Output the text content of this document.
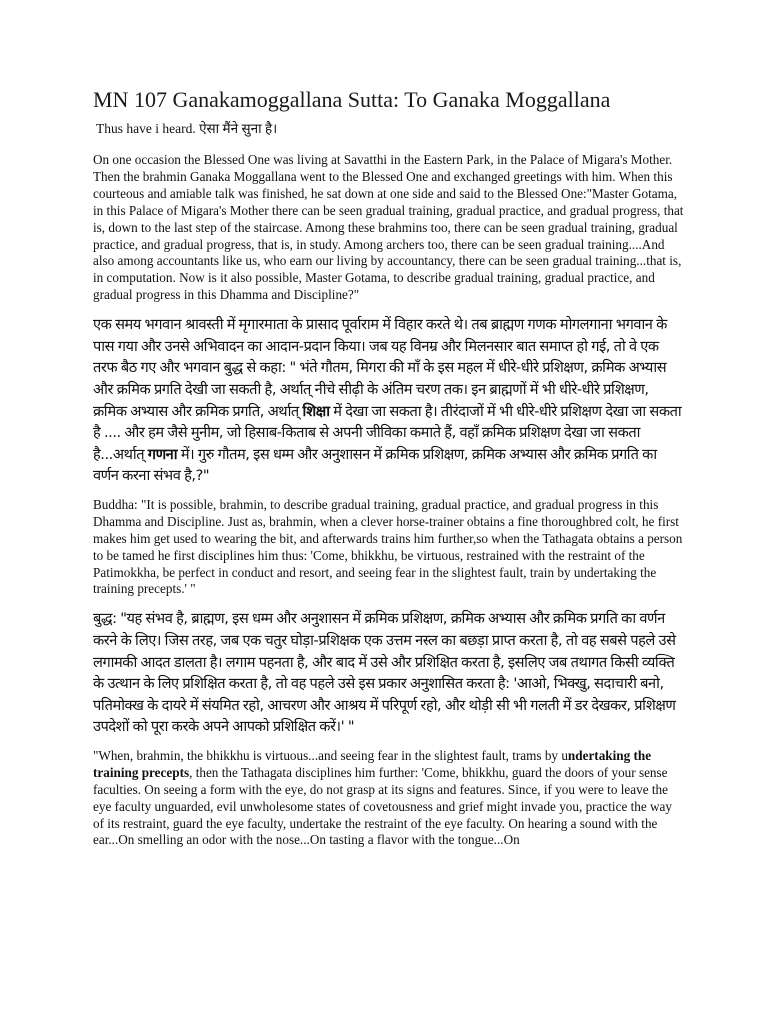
MN 107 Ganakamoggallana Sutta: To Ganaka Moggallana
Thus have i heard. ऐसा मैंने सुना है।

On one occasion the Blessed One was living at Savatthi in the Eastern Park, in the Palace of Migara's Mother. Then the brahmin Ganaka Moggallana went to the Blessed One and exchanged greetings with him. When this courteous and amiable talk was finished, he sat down at one side and said to the Blessed One:"Master Gotama, in this Palace of Migara's Mother there can be seen gradual training, gradual practice, and gradual progress, that is, down to the last step of the staircase. Among these brahmins too, there can be seen gradual training, gradual practice, and gradual progress, that is, in study. Among archers too, there can be seen gradual training....And also among accountants like us, who earn our living by accountancy, there can be seen gradual training...that is, in computation. Now is it also possible, Master Gotama, to describe gradual training, gradual practice, and gradual progress in this Dhamma and Discipline?"

एक समय भगवान श्रावस्ती में मृगारमाता के प्रासाद पूर्वाराम में विहार करते थे। तब ब्राह्मण गणक मोगलगाना भगवान के पास गया और उनसे अभिवादन का आदान-प्रदान किया। जब यह विनम्र और मिलनसार बात समाप्त हो गई, तो वे एक तरफ बैठ गए और भगवान बुद्ध से कहा: " भंते गौतम, मिगरा की माँ के इस महल में धीरे-धीरे प्रशिक्षण, क्रमिक अभ्यास और क्रमिक प्रगति देखी जा सकती है, अर्थात् नीचे सीढ़ी के अंतिम चरण तक। इन ब्राह्मणों में भी धीरे-धीरे प्रशिक्षण, क्रमिक अभ्यास और क्रमिक प्रगति, अर्थात् शिक्षा में देखा जा सकता है। तीरंदाजों में भी धीरे-धीरे प्रशिक्षण देखा जा सकता है .... और हम जैसे मुनीम, जो हिसाब-किताब से अपनी जीविका कमाते हैं, वहाँ क्रमिक प्रशिक्षण देखा जा सकता है...अर्थात् गणना में। गुरु गौतम, इस धम्म और अनुशासन में क्रमिक प्रशिक्षण, क्रमिक अभ्यास और क्रमिक प्रगति का वर्णन करना संभव है,?"

Buddha: "It is possible, brahmin, to describe gradual training, gradual practice, and gradual progress in this Dhamma and Discipline. Just as, brahmin, when a clever horse-trainer obtains a fine thoroughbred colt, he first makes him get used to wearing the bit, and afterwards trains him further,so when the Tathagata obtains a person to be tamed he first disciplines him thus: 'Come, bhikkhu, be virtuous, restrained with the restraint of the Patimokkha, be perfect in conduct and resort, and seeing fear in the slightest fault, train by undertaking the training precepts.' "

बुद्ध: "यह संभव है, ब्राह्मण, इस धम्म और अनुशासन में क्रमिक प्रशिक्षण, क्रमिक अभ्यास और क्रमिक प्रगति का वर्णन करने के लिए। जिस तरह, जब एक चतुर घोड़ा-प्रशिक्षक एक उत्तम नस्ल का बछड़ा प्राप्त करता है, तो वह सबसे पहले उसे लगामकी आदत डालता है। लगाम पहनता है, और बाद में उसे और प्रशिक्षित करता है, इसलिए जब तथागत किसी व्यक्ति के उत्थान के लिए प्रशिक्षित करता है, तो वह पहले उसे इस प्रकार अनुशासित करता है: 'आओ, भिक्खु, सदाचारी बनो, पतिमोक्ख के दायरे में संयमित रहो, आचरण और आश्रय में परिपूर्ण रहो, और थोड़ी सी भी गलती में डर देखकर, प्रशिक्षण उपदेशों को पूरा करके अपने आपको प्रशिक्षित करें।' "

"When, brahmin, the bhikkhu is virtuous...and seeing fear in the slightest fault, trams by undertaking the training precepts, then the Tathagata disciplines him further: 'Come, bhikkhu, guard the doors of your sense faculties. On seeing a form with the eye, do not grasp at its signs and features. Since, if you were to leave the eye faculty unguarded, evil unwholesome states of covetousness and grief might invade you, practice the way of its restraint, guard the eye faculty, undertake the restraint of the eye faculty. On hearing a sound with the ear...On smelling an odor with the nose...On tasting a flavor with the tongue...On
